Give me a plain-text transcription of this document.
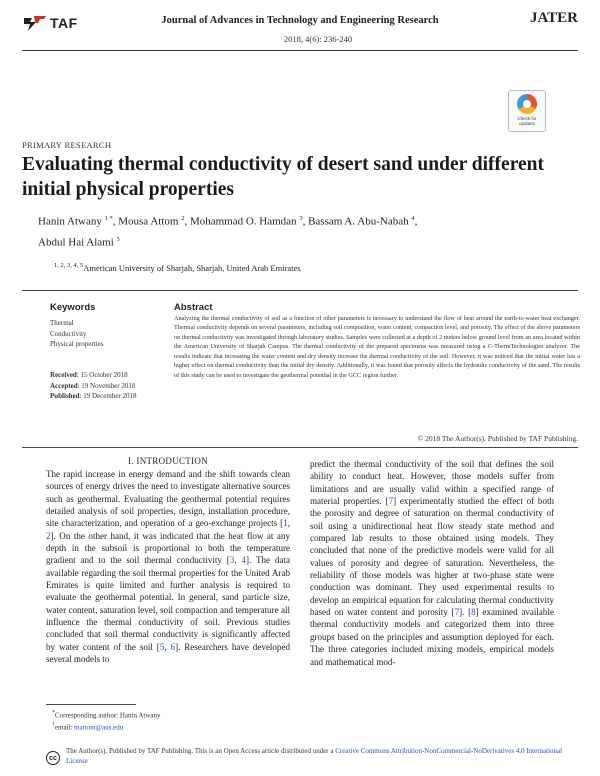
TAF	Journal of Advances in Technology and Engineering Research
2018, 4(6): 236-240
JATER
Check for updates
PRIMARY RESEARCH
Evaluating thermal conductivity of desert sand under different initial physical properties
Hanin Atwany $^{1 *}$, Mousa Attom $^2$, Mohammad O. Hamdan $^3$, Bassam A. Abu-Nabah $^4$,
Abdul Hai Alami $^5$
$^{1, 2, 3, 4, 5}$American University of Sharjah, Sharjah, United Arab Emirates
Keywords
Thermal
Conductivity
Physical properties
Received: 15 October 2018
Accepted: 19 November 2018
Published: 19 December 2018
Abstract
Analyzing the thermal conductivity of soil as a function of other parameters is necessary to understand the flow of heat around the earth-to-water heat exchanger. Thermal conductivity depends on several parameters, including soil composition, water content, compaction level, and porosity. The effect of the above parameters on thermal conductivity was investigated through laboratory studies. Samples were collected at a depth of 2 meters below ground level from an area located within the American University of Sharjah Campus. The thermal conductivity of the prepared specimens was measured using a C-ThermTechnologies analyzer. The results indicate that increasing the water content and dry density increase the thermal conductivity of the soil. However, it was noticed that the initial water has a higher effect on thermal conductivity than the initial dry density. Additionally, it was found that porosity affects the hydraulic conductivity of the sand. The results of this study can be used to investigate the geothermal potential in the GCC region further.
© 2018 The Author(s). Published by TAF Publishing.
I. INTRODUCTION
The rapid increase in energy demand and the shift towards clean sources of energy drives the need to investigate alternative sources such as geothermal. Evaluating the geothermal potential requires detailed analysis of soil properties, design, installation procedure, site characterization, and operation of a geo-exchange projects [1, 2]. On the other hand, it was indicated that the heat flow at any depth in the subsoil is proportional to both the temperature gradient and to the soil thermal conductivity [3, 4]. The data available regarding the soil thermal properties for the United Arab Emirates is quite limited and further analysis is required to evaluate the geothermal potential. In general, sand particle size, water content, saturation level, soil compaction and temperature all influence the thermal conductivity of soil. Previous studies concluded that soil thermal conductivity is significantly affected by water content of the soil [5, 6]. Researchers have developed several models to
predict the thermal conductivity of the soil that defines the soil ability to conduct heat. However, those models suffer from limitations and are usually valid within a specified range of material properties. [7] experimentally studied the effect of both the porosity and degree of saturation on thermal conductivity of soil using a unidirectional heat flow steady state method and compared lab results to those obtained using models. They concluded that none of the predictive models were valid for all values of porosity and degree of saturation. Nevertheless, the reliability of those models was higher at two-phase state were conduction was dominant. They used experimental results to develop an empirical equation for calculating thermal conductivity based on water content and porosity [7]. [8] examined available thermal conductivity models and categorized them into three groups based on the principles and assumption deployed for each. The three categories included mixing models, empirical models and mathematical mod-
*Corresponding author: Hanin Atwany
†email: mattom@aus.edu
cc
The Author(s). Published by TAF Publishing. This is an Open Access article distributed under a Creative Commons Attribution-NonCommercial-NoDerivatives 4.0 International License
